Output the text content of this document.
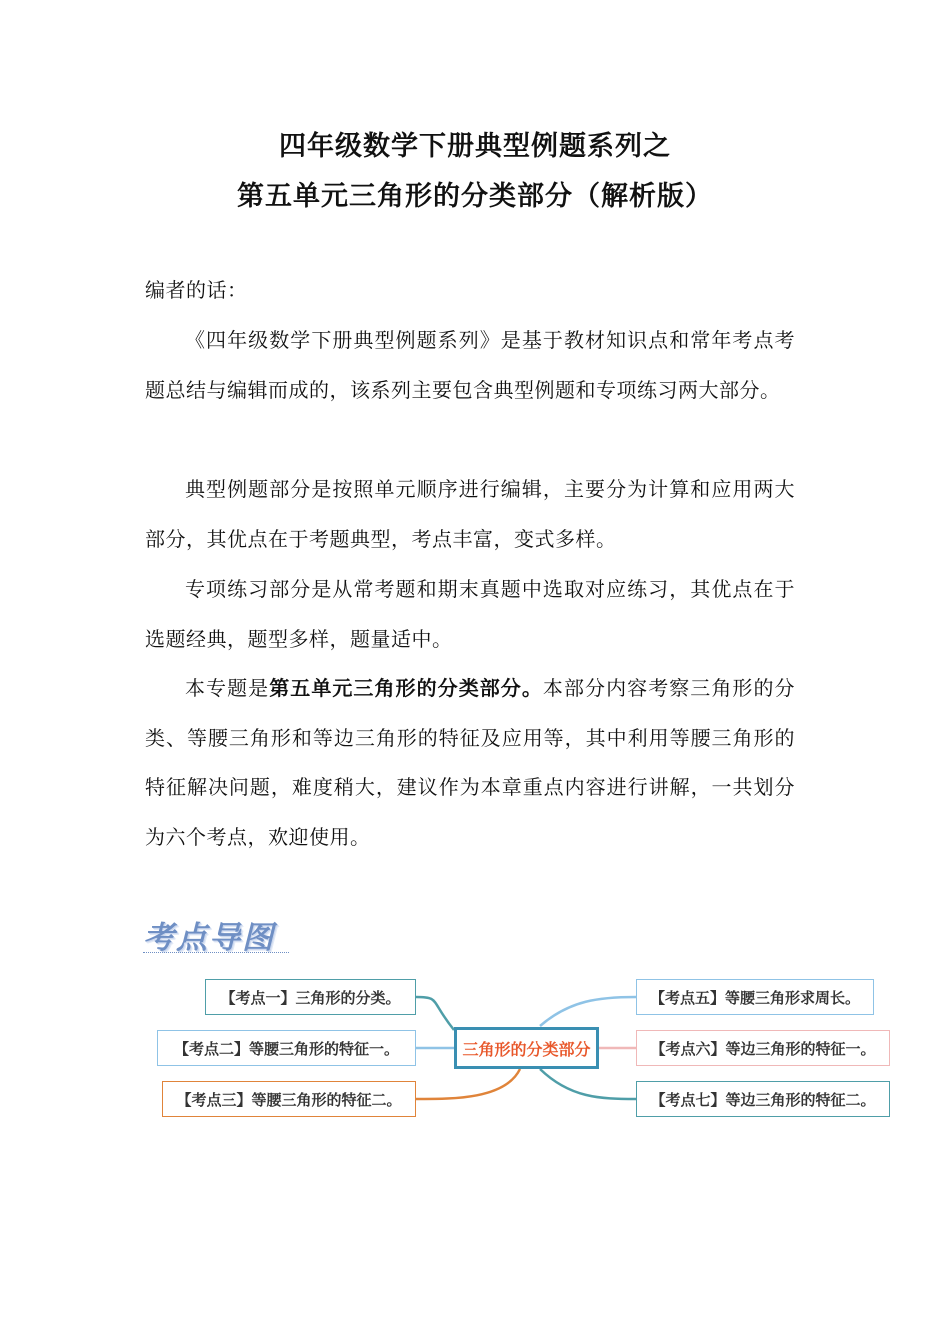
四年级数学下册典型例题系列之
第五单元三角形的分类部分（解析版）
编者的话：
《四年级数学下册典型例题系列》是基于教材知识点和常年考点考题总结与编辑而成的，该系列主要包含典型例题和专项练习两大部分。
典型例题部分是按照单元顺序进行编辑，主要分为计算和应用两大部分，其优点在于考题典型，考点丰富，变式多样。
专项练习部分是从常考题和期末真题中选取对应练习，其优点在于选题经典，题型多样，题量适中。
本专题是第五单元三角形的分类部分。本部分内容考察三角形的分类、等腰三角形和等边三角形的特征及应用等，其中利用等腰三角形的特征解决问题，难度稍大，建议作为本章重点内容进行讲解，一共划分为六个考点，欢迎使用。
考点导图
三角形的分类部分
【考点一】三角形的分类。
【考点二】等腰三角形的特征一。
【考点三】等腰三角形的特征二。
【考点五】等腰三角形求周长。
【考点六】等边三角形的特征一。
【考点七】等边三角形的特征二。
